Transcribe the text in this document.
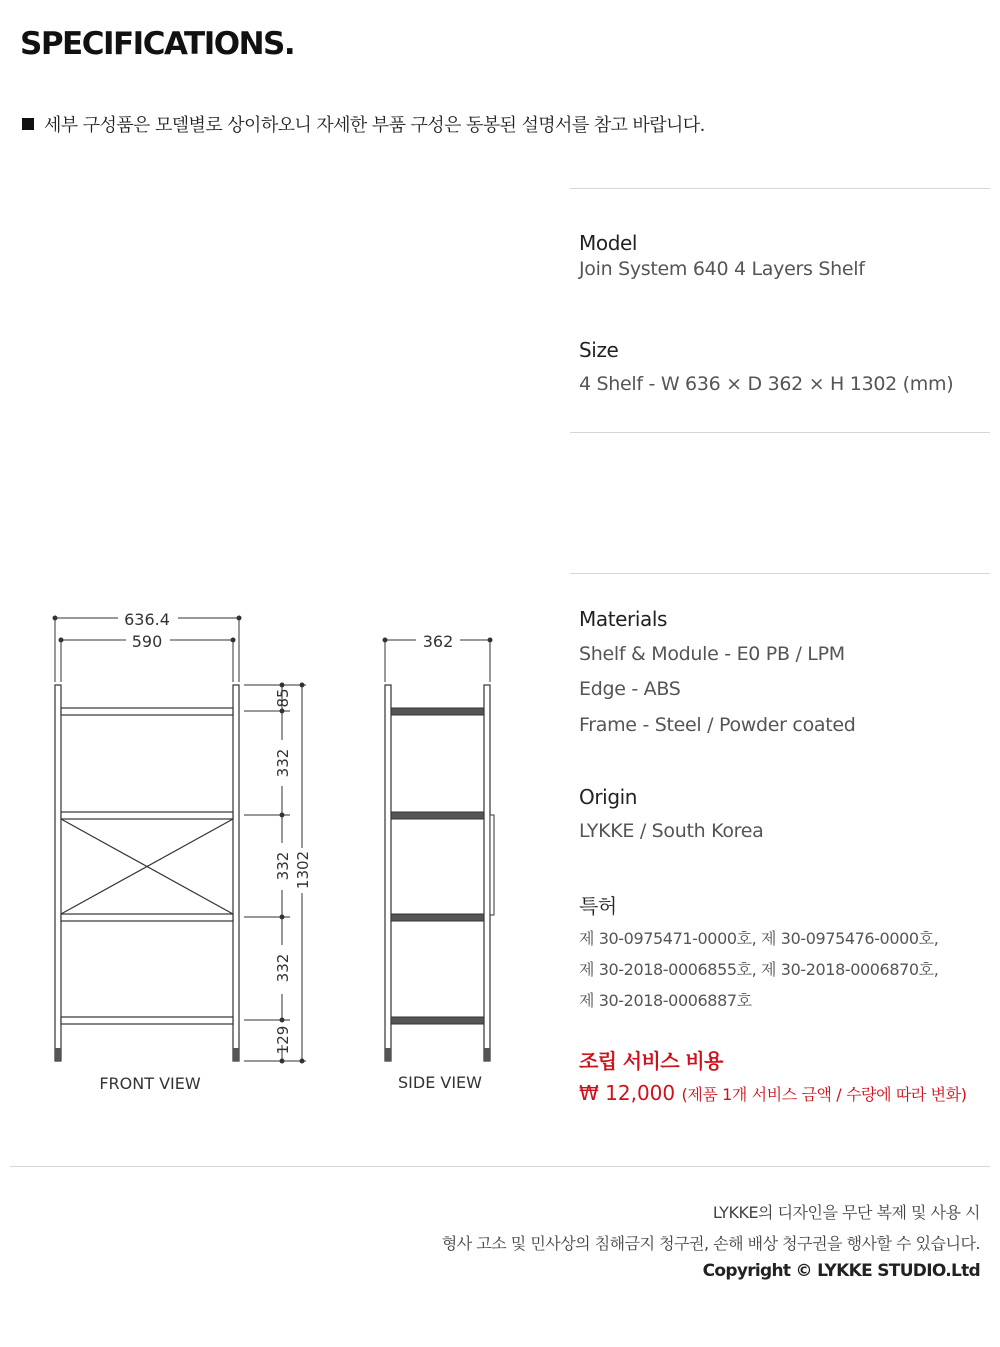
SPECIFICATIONS.
세부 구성품은 모델별로 상이하오니 자세한 부품 구성은 동봉된 설명서를 참고 바랍니다.
Model
Join System 640 4 Layers Shelf
Size
4 Shelf - W 636 × D 362 × H 1302 (mm)
Materials
Shelf & Module - E0 PB / LPM
Edge - ABS
Frame - Steel / Powder coated
Origin
LYKKE / South Korea
특허
제 30-0975471-0000호, 제 30-0975476-0000호,
제 30-2018-0006855호, 제 30-2018-0006870호,
제 30-2018-0006887호
조립 서비스 비용
₩ 12,000 (제품 1개 서비스 금액 / 수량에 따라 변화)
636.4
590
85
332
332
332
129
1302
362
FRONT VIEW	SIDE VIEW
LYKKE의 디자인을 무단 복제 및 사용 시
형사 고소 및 민사상의 침해금지 청구권, 손해 배상 청구권을 행사할 수 있습니다.
Copyright © LYKKE STUDIO.Ltd
